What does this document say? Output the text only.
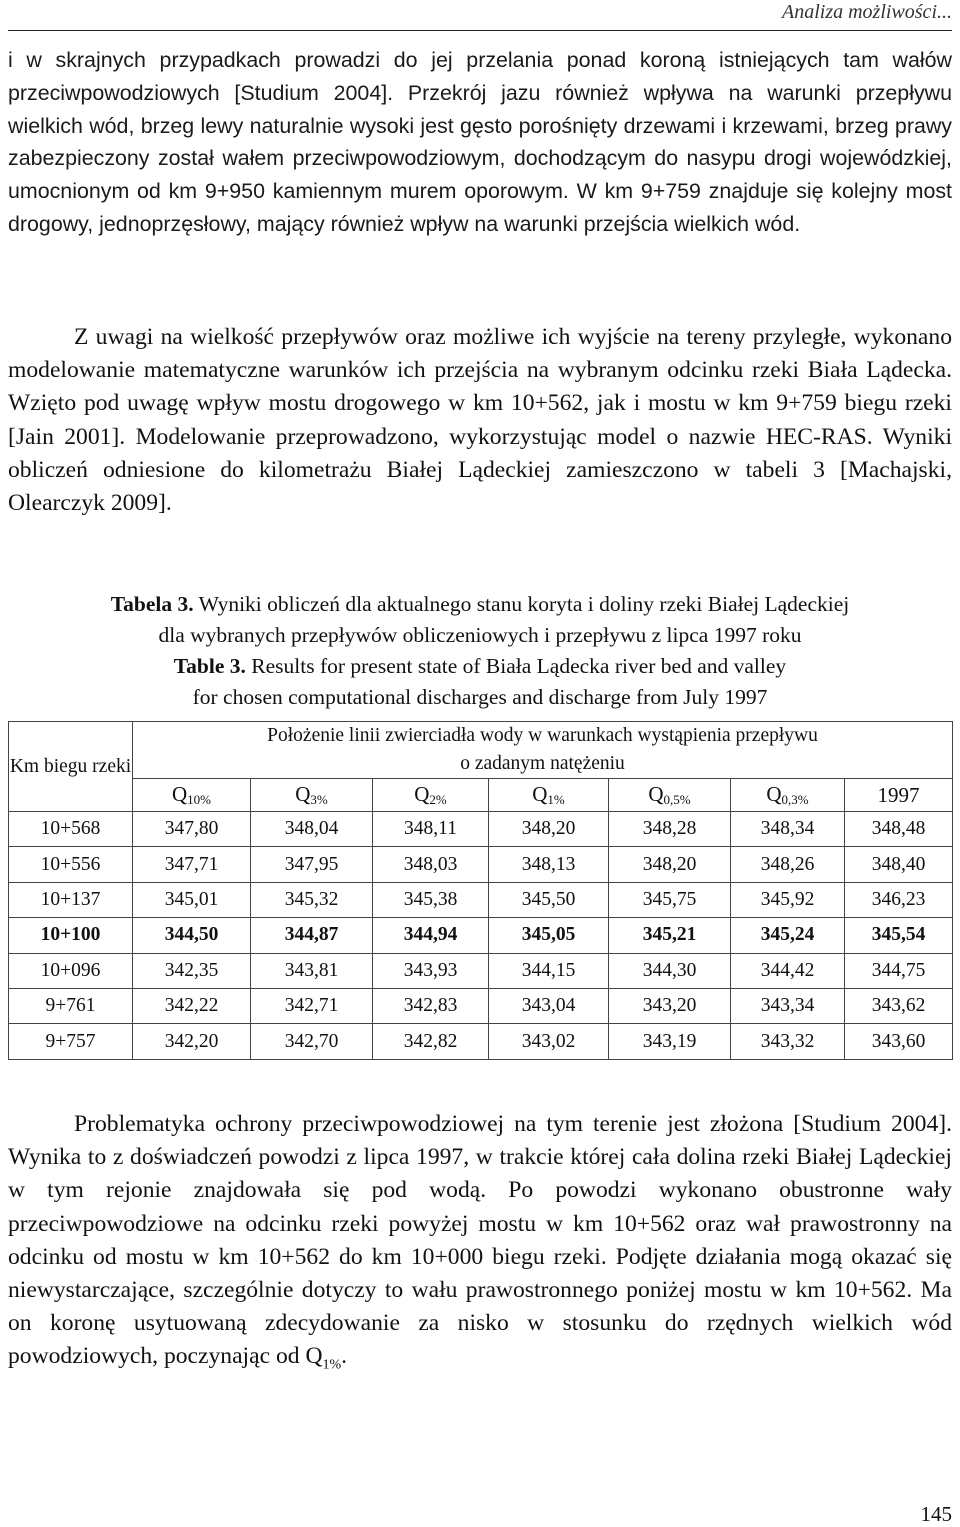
Analiza możliwości...

i w skrajnych przypadkach prowadzi do jej przelania ponad koroną istniejących tam wałów przeciwpowodziowych [Studium 2004]. Przekrój jazu również wpływa na warunki przepływu wielkich wód, brzeg lewy naturalnie wysoki jest gęsto porośnięty drzewami i krzewami, brzeg prawy zabezpieczony został wałem przeciwpowodziowym, dochodzącym do nasypu drogi wojewódzkiej, umocnionym od km 9+950 kamiennym murem oporowym. W km 9+759 znajduje się kolejny most drogowy, jednoprzęsłowy, mający również wpływ na warunki przejścia wielkich wód.

Z uwagi na wielkość przepływów oraz możliwe ich wyjście na tereny przyległe, wykonano modelowanie matematyczne warunków ich przejścia na wybranym odcinku rzeki Biała Lądecka. Wzięto pod uwagę wpływ mostu drogowego w km 10+562, jak i mostu w km 9+759 biegu rzeki [Jain 2001]. Modelowanie przeprowadzono, wykorzystując model o nazwie HEC-RAS. Wyniki obliczeń odniesione do kilometrażu Białej Lądeckiej zamieszczono w tabeli 3 [Machajski, Olearczyk 2009].

Tabela 3. Wyniki obliczeń dla aktualnego stanu koryta i doliny rzeki Białej Lądeckiej
dla wybranych przepływów obliczeniowych i przepływu z lipca 1997 roku
Table 3. Results for present state of Biała Lądecka river bed and valley
for chosen computational discharges and discharge from July 1997
Km biegu rzeki	Położenie linii zwierciadła wody w warunkach wystąpienia przepływu
o zadanym natężeniu						

	$Q_{10\%}$	$Q_{3\%}$	$Q_{2\%}$	$Q_{1\%}$	$Q_{0,5\%}$	$Q_{0,3\%}$	1997
10+568	347,80	348,04	348,11	348,20	348,28	348,34	348,48
10+556	347,71	347,95	348,03	348,13	348,20	348,26	348,40
10+137	345,01	345,32	345,38	345,50	345,75	345,92	346,23
10+100	344,50	344,87	344,94	345,05	345,21	345,24	345,54
10+096	342,35	343,81	343,93	344,15	344,30	344,42	344,75
9+761	342,22	342,71	342,83	343,04	343,20	343,34	343,62
9+757	342,20	342,70	342,82	343,02	343,19	343,32	343,60

Problematyka ochrony przeciwpowodziowej na tym terenie jest złożona [Studium 2004]. Wynika to z doświadczeń powodzi z lipca 1997, w trakcie której cała dolina rzeki Białej Lądeckiej w tym rejonie znajdowała się pod wodą. Po powodzi wykonano obustronne wały przeciwpowodziowe na odcinku rzeki powyżej mostu w km 10+562 oraz wał prawostronny na odcinku od mostu w km 10+562 do km 10+000 biegu rzeki. Podjęte działania mogą okazać się niewystarczające, szczególnie dotyczy to wału prawostronnego poniżej mostu w km 10+562. Ma on koronę usytuowaną zdecydowanie za nisko w stosunku do rzędnych wielkich wód powodziowych, poczynając od $Q_{1\%}$.

145
